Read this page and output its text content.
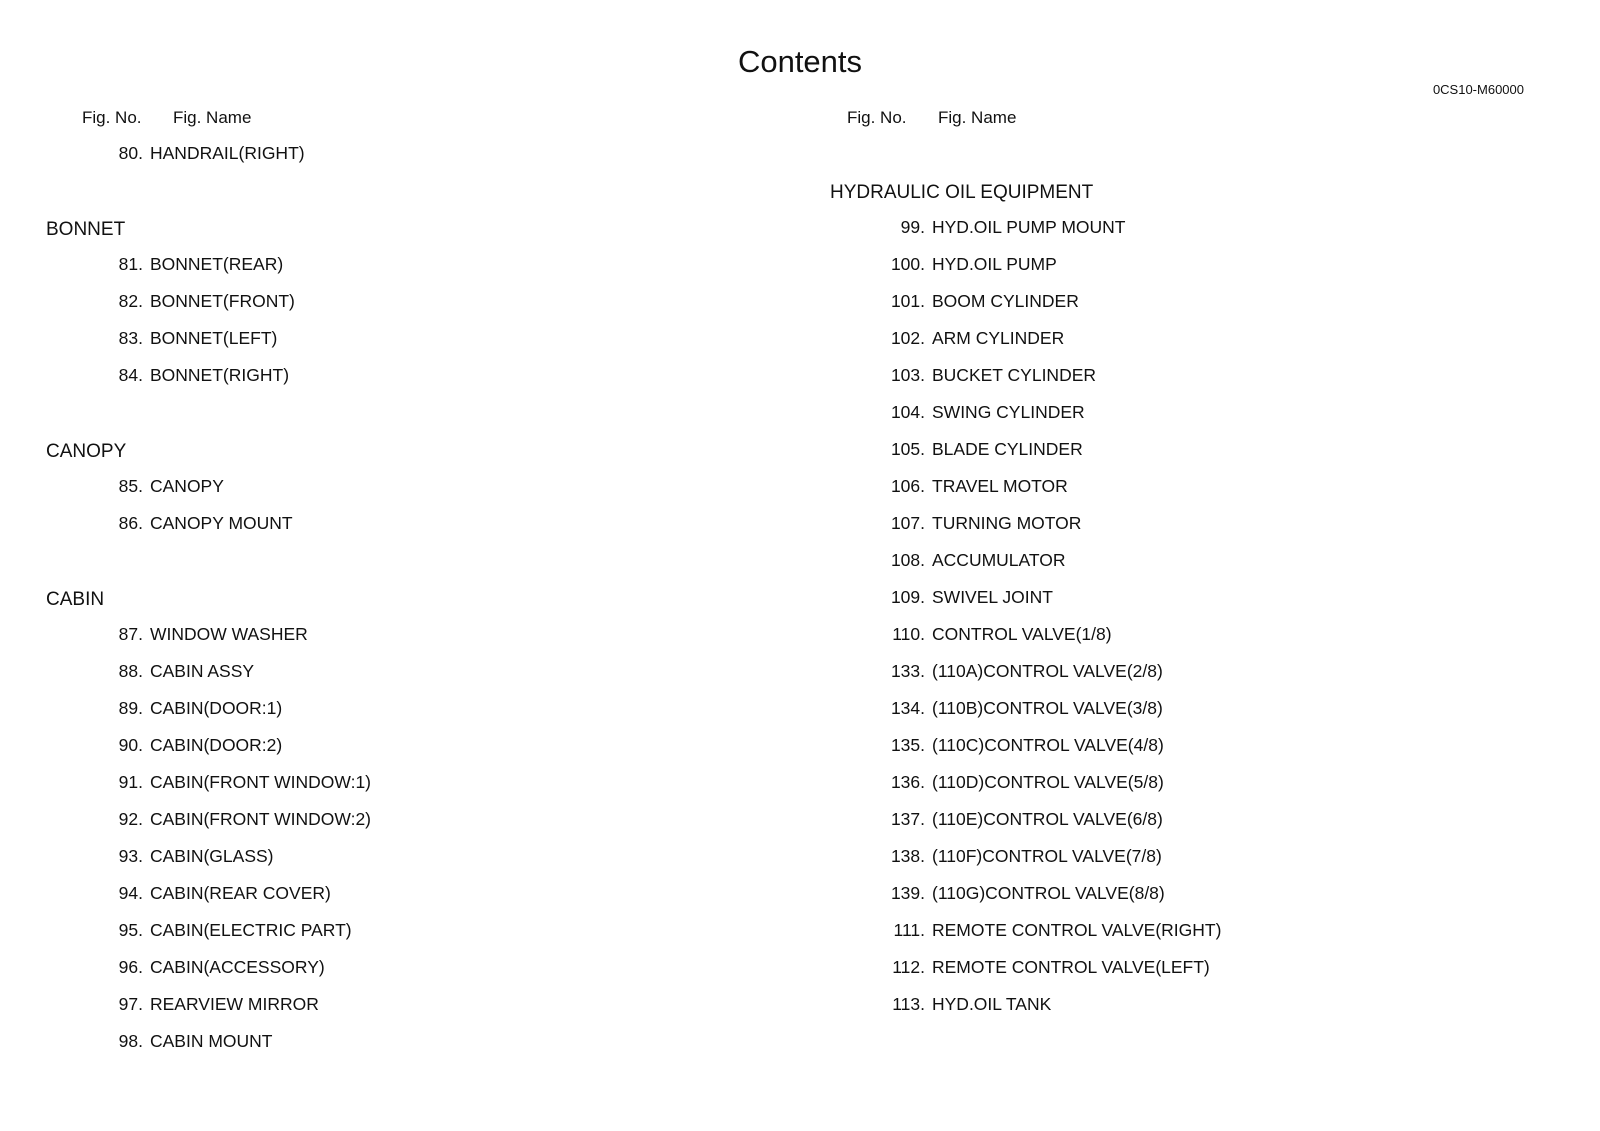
Contents
0CS10-M60000
Fig. No. Fig. Name	Fig. No. Fig. Name
80. HANDRAIL(RIGHT)
BONNET
81. BONNET(REAR)
82. BONNET(FRONT)
83. BONNET(LEFT)
84. BONNET(RIGHT)
CANOPY
85. CANOPY
86. CANOPY MOUNT
CABIN
87. WINDOW WASHER
88. CABIN ASSY
89. CABIN(DOOR:1)
90. CABIN(DOOR:2)
91. CABIN(FRONT WINDOW:1)
92. CABIN(FRONT WINDOW:2)
93. CABIN(GLASS)
94. CABIN(REAR COVER)
95. CABIN(ELECTRIC PART)
96. CABIN(ACCESSORY)
97. REARVIEW MIRROR
98. CABIN MOUNT
HYDRAULIC OIL EQUIPMENT
99. HYD.OIL PUMP MOUNT
100. HYD.OIL PUMP
101. BOOM CYLINDER
102. ARM CYLINDER
103. BUCKET CYLINDER
104. SWING CYLINDER
105. BLADE CYLINDER
106. TRAVEL MOTOR
107. TURNING MOTOR
108. ACCUMULATOR
109. SWIVEL JOINT
110. CONTROL VALVE(1/8)
133. (110A)CONTROL VALVE(2/8)
134. (110B)CONTROL VALVE(3/8)
135. (110C)CONTROL VALVE(4/8)
136. (110D)CONTROL VALVE(5/8)
137. (110E)CONTROL VALVE(6/8)
138. (110F)CONTROL VALVE(7/8)
139. (110G)CONTROL VALVE(8/8)
111. REMOTE CONTROL VALVE(RIGHT)
112. REMOTE CONTROL VALVE(LEFT)
113. HYD.OIL TANK
